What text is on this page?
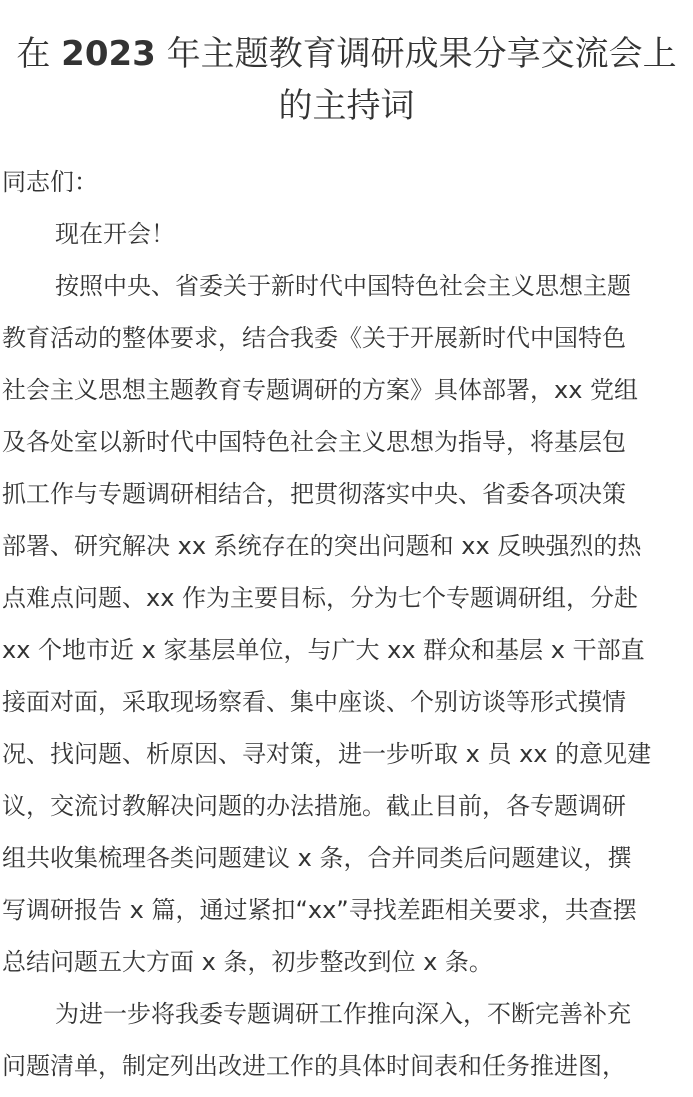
在 2023 年主题教育调研成果分享交流会上
的主持词
同志们：
现在开会！
按照中央、省委关于新时代中国特色社会主义思想主题
教育活动的整体要求，结合我委《关于开展新时代中国特色
社会主义思想主题教育专题调研的方案》具体部署，xx 党组
及各处室以新时代中国特色社会主义思想为指导，将基层包
抓工作与专题调研相结合，把贯彻落实中央、省委各项决策
部署、研究解决 xx 系统存在的突出问题和 xx 反映强烈的热
点难点问题、xx 作为主要目标，分为七个专题调研组，分赴
xx 个地市近 x 家基层单位，与广大 xx 群众和基层 x 干部直
接面对面，采取现场察看、集中座谈、个别访谈等形式摸情
况、找问题、析原因、寻对策，进一步听取 x 员 xx 的意见建
议，交流讨教解决问题的办法措施。截止目前，各专题调研
组共收集梳理各类问题建议 x 条，合并同类后问题建议，撰
写调研报告 x 篇，通过紧扣“xx”寻找差距相关要求，共查摆
总结问题五大方面 x 条，初步整改到位 x 条。
为进一步将我委专题调研工作推向深入，不断完善补充
问题清单，制定列出改进工作的具体时间表和任务推进图，
